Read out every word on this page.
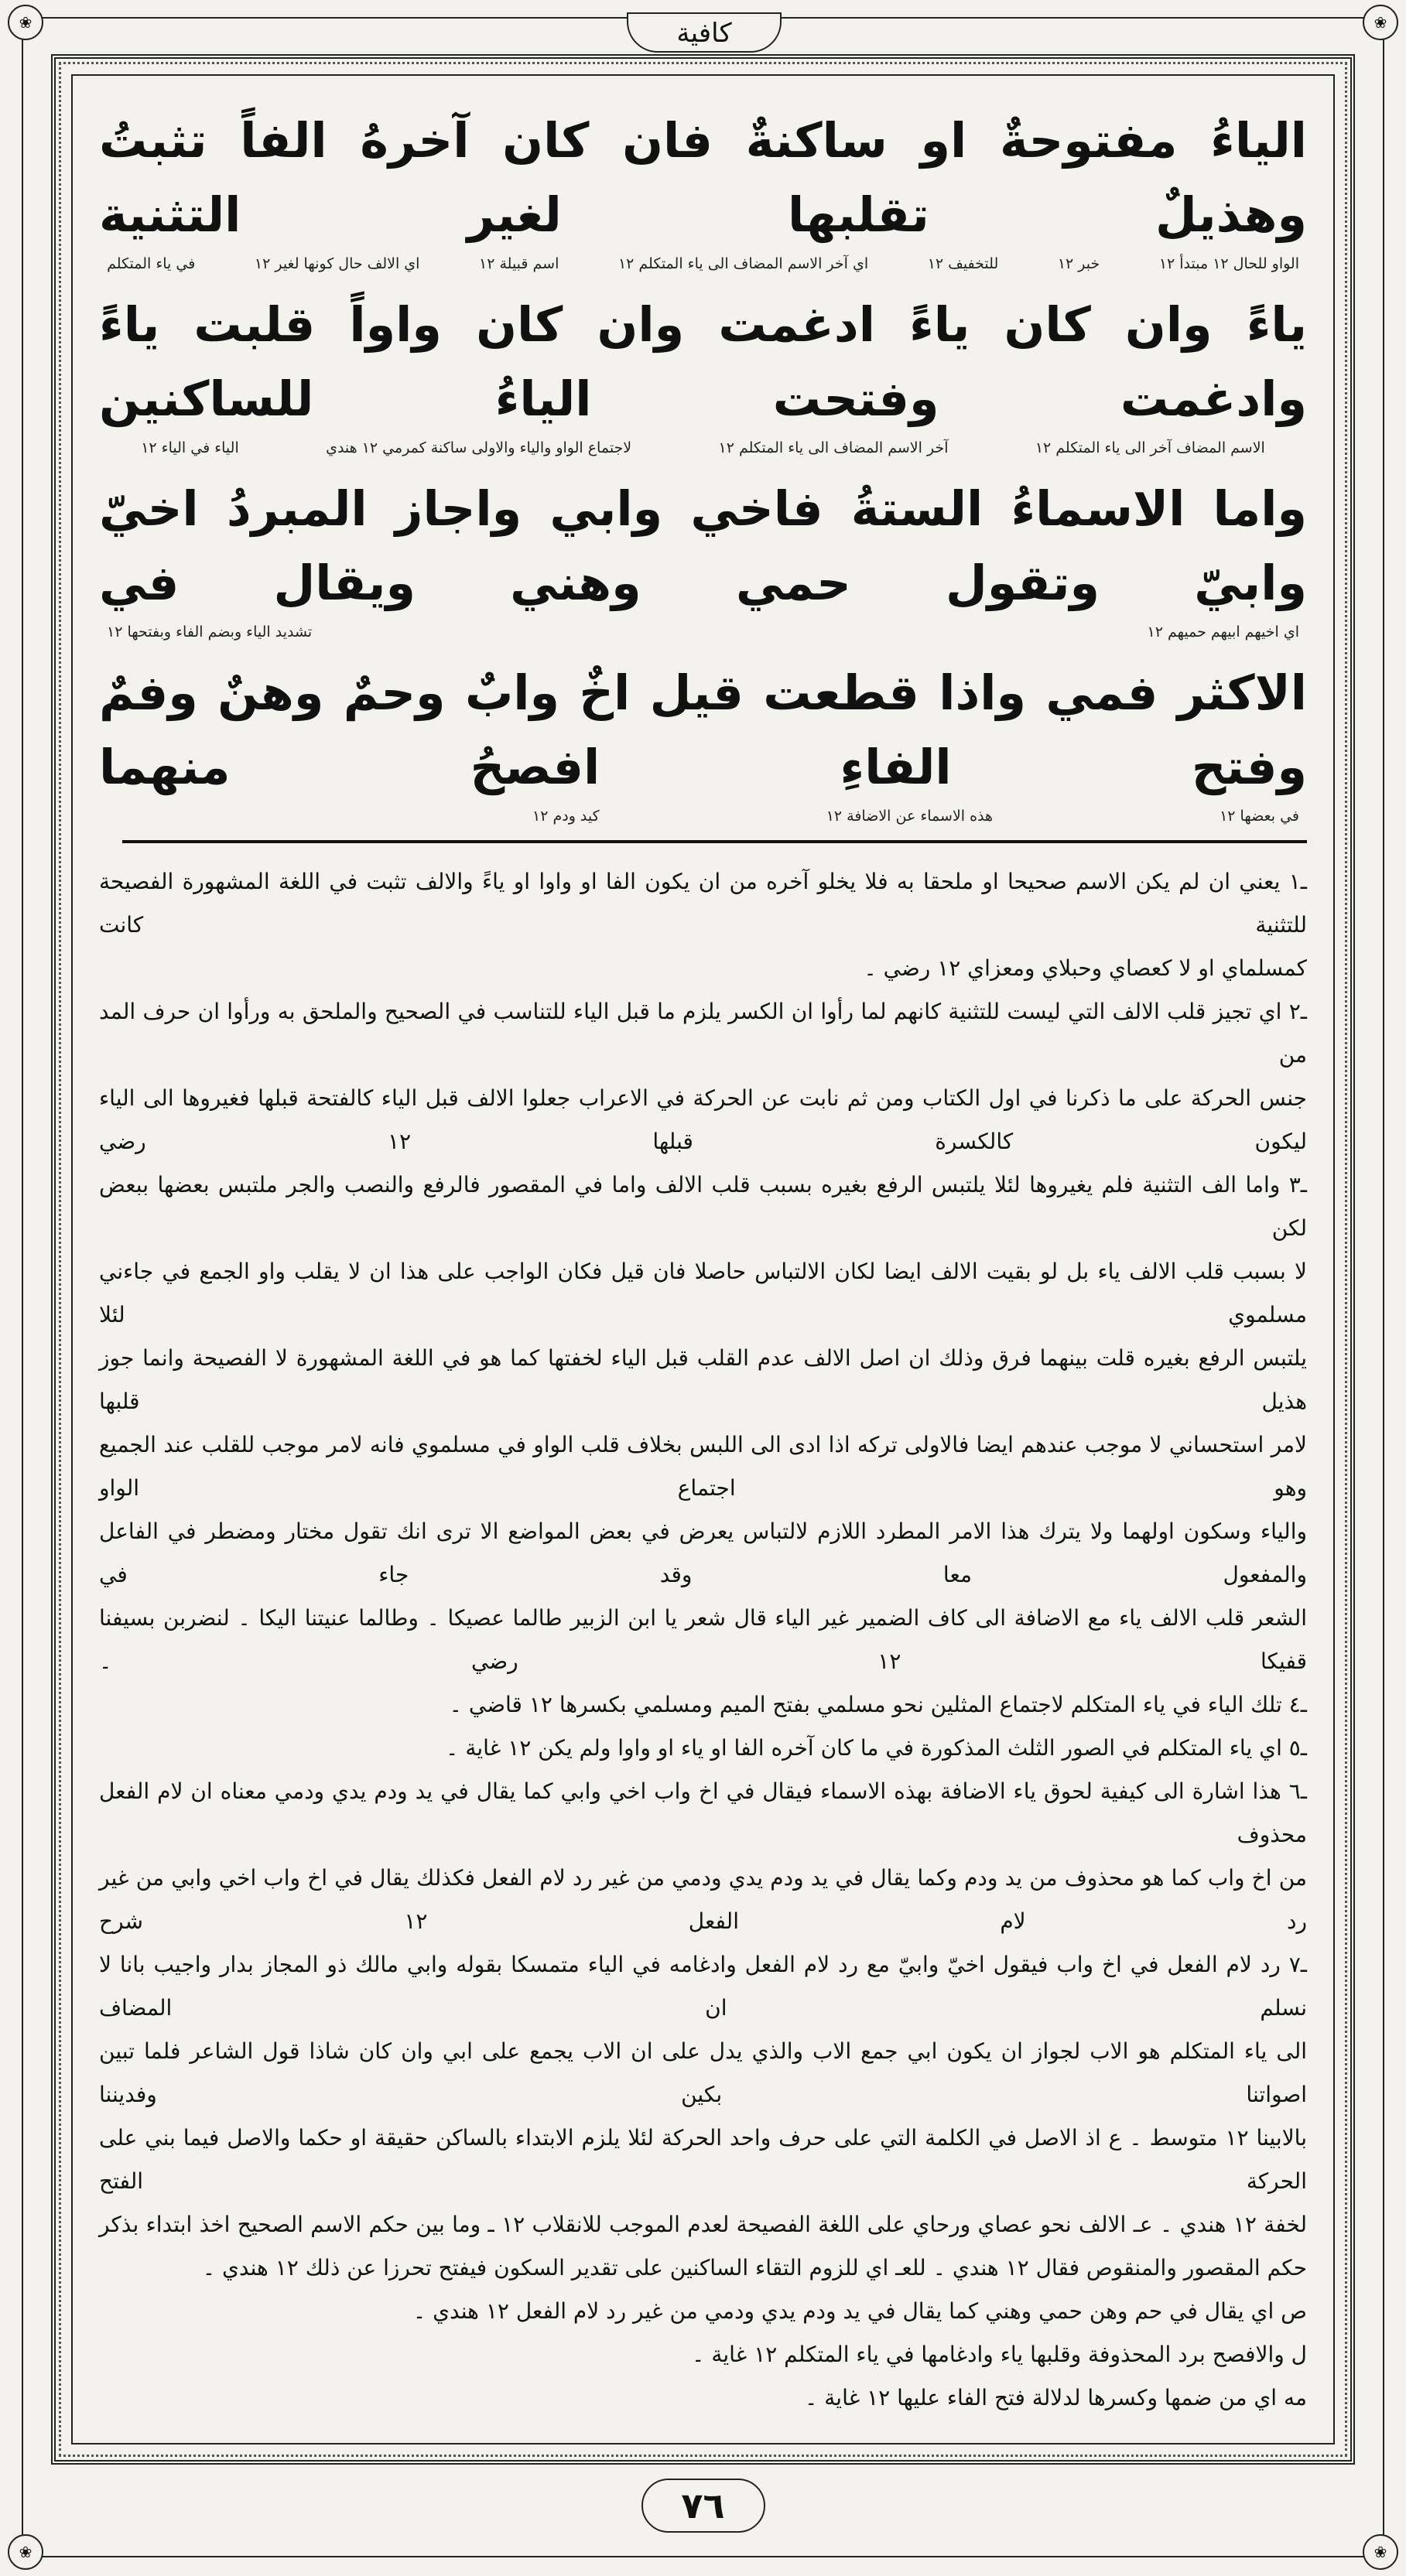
❀	❀
❀	❀
كافية
الياءُ مفتوحةٌ او ساكنةٌ فان كان آخرهُ الفاً تثبتُ وهذيلٌ تقلبها لغير التثنية
الواو للحال ١٢ مبتدأ ١٢
خبر ١٢
للتخفيف ١٢
اي آخر الاسم المضاف الى ياء المتكلم ١٢
اسم قبيلة ١٢
اي الالف حال كونها لغير ١٢
في ياء المتكلم
ياءً وان كان ياءً ادغمت وان كان واواً قلبت ياءً وادغمت وفتحت الياءُ للساكنين
الاسم المضاف آخر الى ياء المتكلم ١٢
آخر الاسم المضاف الى ياء المتكلم ١٢
لاجتماع الواو والياء والاولى ساكنة كمرمي ١٢ هندي
الياء في الياء ١٢
واما الاسماءُ الستةُ فاخي وابي واجاز المبردُ اخيّ وابيّ وتقول حمي وهني ويقال في
اي اخيهم ابيهم حميهم ١٢
تشديد الياء وبضم الفاء وبفتحها ١٢
الاكثر فمي واذا قطعت قيل اخٌ وابٌ وحمٌ وهنٌ وفمٌ وفتح الفاءِ افصحُ منهما
في بعضها ١٢
هذه الاسماء عن الاضافة ١٢
كيد ودم ١٢
ـ١ يعني ان لم يكن الاسم صحيحا او ملحقا به فلا يخلو آخره من ان يكون الفا او واوا او ياءً والالف تثبت في اللغة المشهورة الفصيحة للتثنية كانت
كمسلماي او لا كعصاي وحبلاي ومعزاي ١٢ رضي ۔
ـ٢ اي تجيز قلب الالف التي ليست للتثنية كانهم لما رأوا ان الكسر يلزم ما قبل الياء للتناسب في الصحيح والملحق به ورأوا ان حرف المد من
جنس الحركة على ما ذكرنا في اول الكتاب ومن ثم نابت عن الحركة في الاعراب جعلوا الالف قبل الياء كالفتحة قبلها فغيروها الى الياء ليكون كالكسرة قبلها ١٢ رضي
ـ٣ واما الف التثنية فلم يغيروها لئلا يلتبس الرفع بغيره بسبب قلب الالف واما في المقصور فالرفع والنصب والجر ملتبس بعضها ببعض لكن
لا بسبب قلب الالف ياء بل لو بقيت الالف ايضا لكان الالتباس حاصلا فان قيل فكان الواجب على هذا ان لا يقلب واو الجمع في جاءني مسلموي لئلا
يلتبس الرفع بغيره قلت بينهما فرق وذلك ان اصل الالف عدم القلب قبل الياء لخفتها كما هو في اللغة المشهورة لا الفصيحة وانما جوز هذيل قلبها
لامر استحساني لا موجب عندهم ايضا فالاولى تركه اذا ادى الى اللبس بخلاف قلب الواو في مسلموي فانه لامر موجب للقلب عند الجميع وهو اجتماع الواو
والياء وسكون اولهما ولا يترك هذا الامر المطرد اللازم لالتباس يعرض في بعض المواضع الا ترى انك تقول مختار ومضطر في الفاعل والمفعول معا وقد جاء في
الشعر قلب الالف ياء مع الاضافة الى كاف الضمير غير الياء قال شعر يا ابن الزبير طالما عصيكا ۔ وطالما عنيتنا اليكا ۔ لنضربن بسيفنا قفيكا ١٢ رضي ۔
ـ٤ تلك الياء في ياء المتكلم لاجتماع المثلين نحو مسلمي بفتح الميم ومسلمي بكسرها ١٢ قاضي ۔
ـ٥ اي ياء المتكلم في الصور الثلث المذكورة في ما كان آخره الفا او ياء او واوا ولم يكن ١٢ غاية ۔
ـ٦ هذا اشارة الى كيفية لحوق ياء الاضافة بهذه الاسماء فيقال في اخ واب اخي وابي كما يقال في يد ودم يدي ودمي معناه ان لام الفعل محذوف
من اخ واب كما هو محذوف من يد ودم وكما يقال في يد ودم يدي ودمي من غير رد لام الفعل فكذلك يقال في اخ واب اخي وابي من غير رد لام الفعل ١٢ شرح
ـ٧ رد لام الفعل في اخ واب فيقول اخيّ وابيّ مع رد لام الفعل وادغامه في الياء متمسكا بقوله وابي مالك ذو المجاز بدار واجيب بانا لا نسلم ان المضاف
الى ياء المتكلم هو الاب لجواز ان يكون ابي جمع الاب والذي يدل على ان الاب يجمع على ابي وان كان شاذا قول الشاعر فلما تبين اصواتنا بكين وفديننا
بالابينا ١٢ متوسط ۔ ع اذ الاصل في الكلمة التي على حرف واحد الحركة لئلا يلزم الابتداء بالساكن حقيقة او حكما والاصل فيما بني على الحركة الفتح
لخفة ١٢ هندي ۔ عـ الالف نحو عصاي ورحاي على اللغة الفصيحة لعدم الموجب للانقلاب ١٢ ـ وما بين حكم الاسم الصحيح اخذ ابتداء بذكر
حكم المقصور والمنقوص فقال ١٢ هندي ۔ للعـ اي للزوم التقاء الساكنين على تقدير السكون فيفتح تحرزا عن ذلك ١٢ هندي ۔
ص اي يقال في حم وهن حمي وهني كما يقال في يد ودم يدي ودمي من غير رد لام الفعل ١٢ هندي ۔
ل والافصح برد المحذوفة وقلبها ياء وادغامها في ياء المتكلم ١٢ غاية ۔
مه اي من ضمها وكسرها لدلالة فتح الفاء عليها ١٢ غاية ۔
٧٦
